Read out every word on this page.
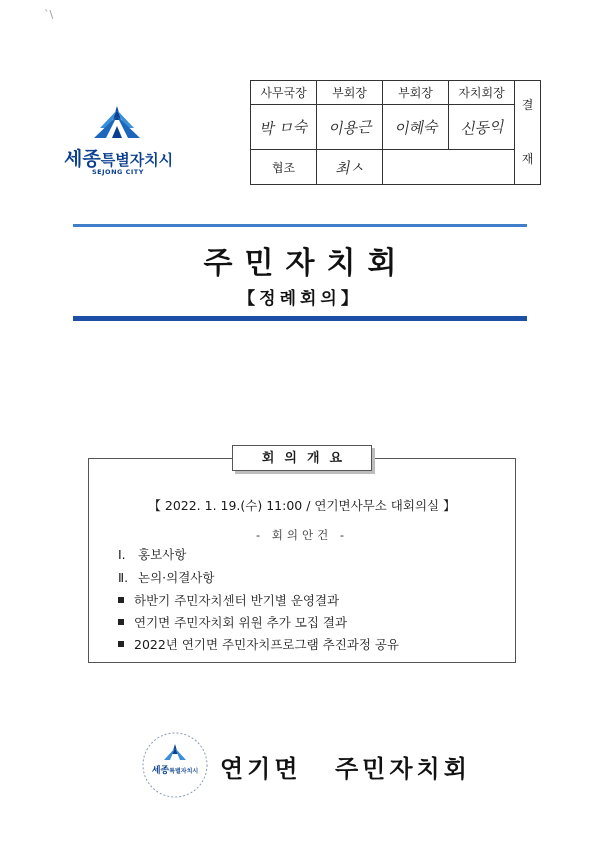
`\
세종특별자치시
SEJONG CITY
사무국장	부회장	부회장	자치회장	결
재

박 ㅁ숙	이용근	이혜숙	신동익	
협조	최ㅅ			
주민자치회
【정례회의】
회의개요
【 2022. 1. 19.(수) 11:00 / 연기면사무소 대회의실 】
- 회의안건 -
Ⅰ. 홍보사항
Ⅱ. 논의·의결사항
하반기 주민자치센터 반기별 운영결과
연기면 주민자치회 위원 추가 모집 결과
2022년 연기면 주민자치프로그램 추진과정 공유
세종특별자치시 연기면 주민자치회
